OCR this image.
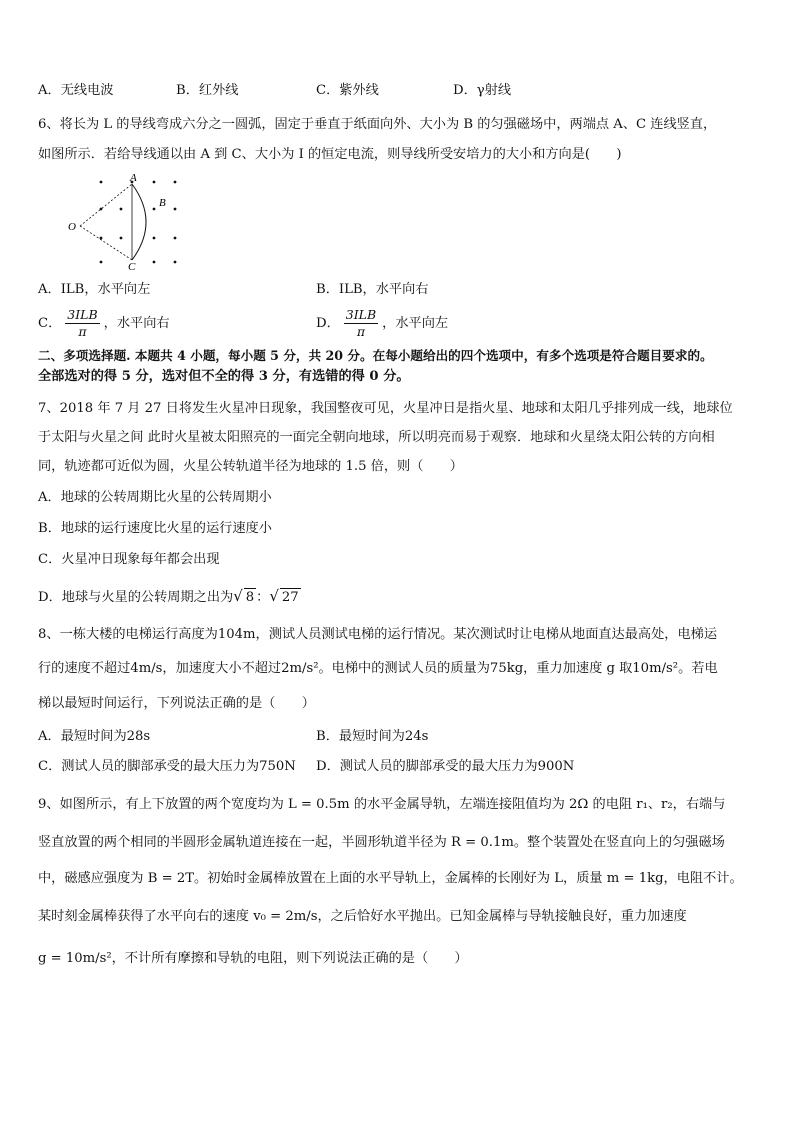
A．无线电波	B．红外线	C．紫外线	D．γ射线
6、将长为 L 的导线弯成六分之一圆弧，固定于垂直于纸面向外、大小为 B 的匀强磁场中，两端点 A、C 连线竖直，
如图所示．若给导线通以由 A 到 C、大小为 I 的恒定电流，则导线所受安培力的大小和方向是(　　)
A
B
C
O
A．ILB，水平向左	B．ILB，水平向右
C． $\frac{\text{3ILB}}{\pi}$ ，水平向右	D． $\frac{\text{3ILB}}{\pi}$ ，水平向左
二、多项选择题. 本题共 4 小题，每小题 5 分，共 20 分。在每小题给出的四个选项中，有多个选项是符合题目要求的。
全部选对的得 5 分，选对但不全的得 3 分，有选错的得 0 分。
7、2018 年 7 月 27 日将发生火星冲日现象，我国整夜可见，火星冲日是指火星、地球和太阳几乎排列成一线，地球位
于太阳与火星之间 此时火星被太阳照亮的一面完全朝向地球，所以明亮而易于观察．地球和火星绕太阳公转的方向相
同，轨迹都可近似为圆，火星公转轨道半径为地球的 1.5 倍，则（　　）
A．地球的公转周期比火星的公转周期小
B．地球的运行速度比火星的运行速度小
C．火星冲日现象每年都会出现
D．地球与火星的公转周期之出为√ 8 ：√ 27
8、一栋大楼的电梯运行高度为104m，测试人员测试电梯的运行情况。某次测试时让电梯从地面直达最高处，电梯运
行的速度不超过4m/s，加速度大小不超过2m/s²。电梯中的测试人员的质量为75kg，重力加速度 g 取10m/s²。若电
梯以最短时间运行，下列说法正确的是（　　）
A．最短时间为28s	B．最短时间为24s
C．测试人员的脚部承受的最大压力为750N D．测试人员的脚部承受的最大压力为900N
9、如图所示，有上下放置的两个宽度均为 L = 0.5m 的水平金属导轨，左端连接阻值均为 2Ω 的电阻 r₁、r₂，右端与
竖直放置的两个相同的半圆形金属轨道连接在一起，半圆形轨道半径为 R = 0.1m。整个装置处在竖直向上的匀强磁场
中，磁感应强度为 B = 2T。初始时金属棒放置在上面的水平导轨上，金属棒的长刚好为 L，质量 m = 1kg，电阻不计。
某时刻金属棒获得了水平向右的速度 v₀ = 2m/s，之后恰好水平抛出。已知金属棒与导轨接触良好，重力加速度
g = 10m/s²，不计所有摩擦和导轨的电阻，则下列说法正确的是（　　）
